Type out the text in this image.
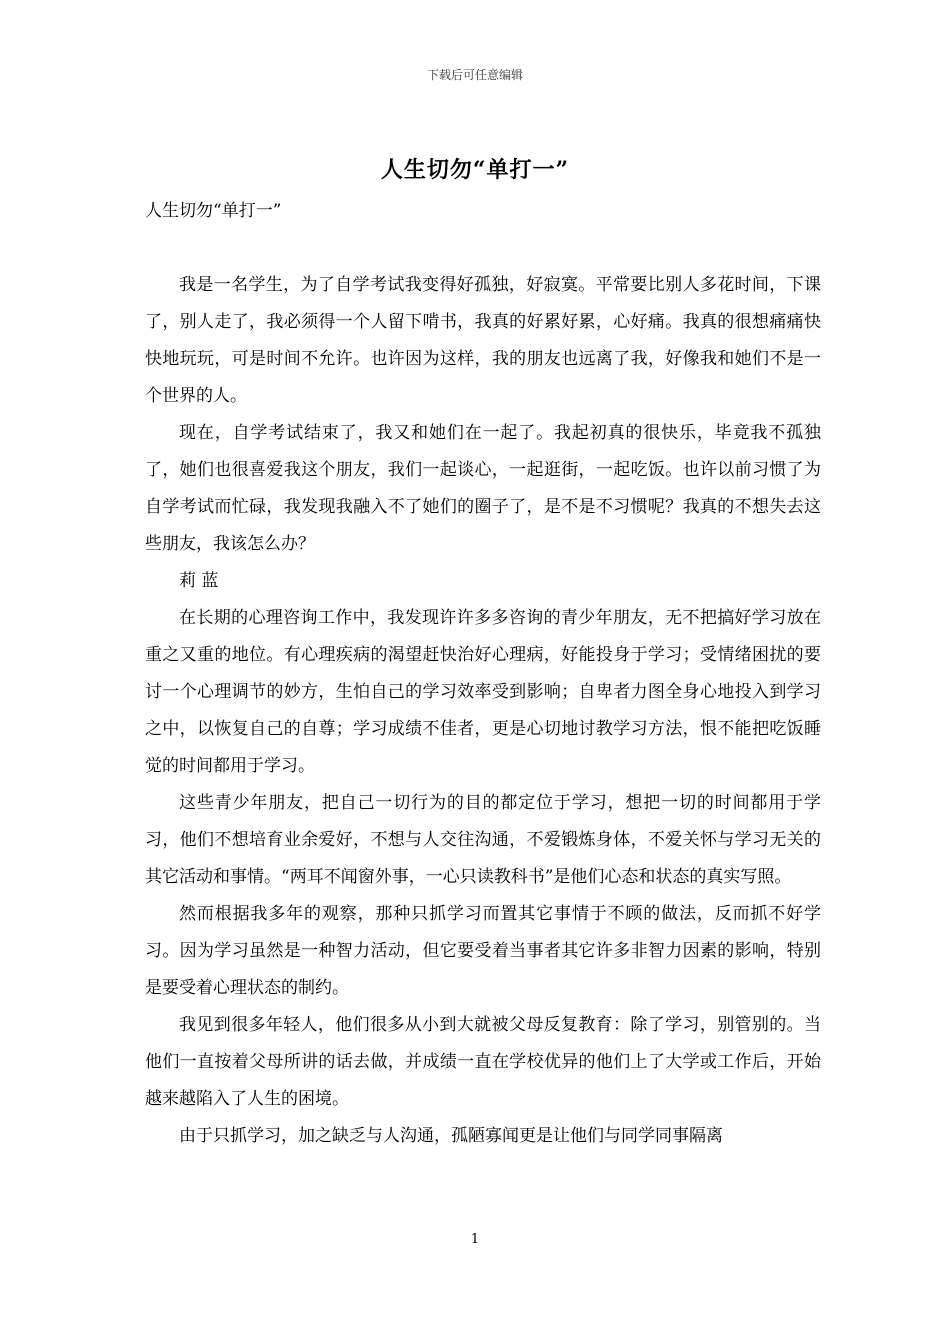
下载后可任意编辑
人生切勿“单打一”

人生切勿“单打一”

我是一名学生，为了自学考试我变得好孤独，好寂寞。平常要比别人多花时间，下课了，别人走了，我必须得一个人留下啃书，我真的好累好累，心好痛。我真的很想痛痛快快地玩玩，可是时间不允许。也许因为这样，我的朋友也远离了我，好像我和她们不是一个世界的人。

现在，自学考试结束了，我又和她们在一起了。我起初真的很快乐，毕竟我不孤独了，她们也很喜爱我这个朋友，我们一起谈心，一起逛街，一起吃饭。也许以前习惯了为自学考试而忙碌，我发现我融入不了她们的圈子了，是不是不习惯呢？我真的不想失去这些朋友，我该怎么办？

莉 蓝

在长期的心理咨询工作中，我发现许许多多咨询的青少年朋友，无不把搞好学习放在重之又重的地位。有心理疾病的渴望赶快治好心理病，好能投身于学习；受情绪困扰的要讨一个心理调节的妙方，生怕自己的学习效率受到影响；自卑者力图全身心地投入到学习之中，以恢复自己的自尊；学习成绩不佳者，更是心切地讨教学习方法，恨不能把吃饭睡觉的时间都用于学习。

这些青少年朋友，把自己一切行为的目的都定位于学习，想把一切的时间都用于学习，他们不想培育业余爱好，不想与人交往沟通，不爱锻炼身体，不爱关怀与学习无关的其它活动和事情。“两耳不闻窗外事，一心只读教科书”是他们心态和状态的真实写照。

然而根据我多年的观察，那种只抓学习而置其它事情于不顾的做法，反而抓不好学习。因为学习虽然是一种智力活动，但它要受着当事者其它许多非智力因素的影响，特别是要受着心理状态的制约。

我见到很多年轻人，他们很多从小到大就被父母反复教育：除了学习，别管别的。当他们一直按着父母所讲的话去做，并成绩一直在学校优异的他们上了大学或工作后，开始越来越陷入了人生的困境。

由于只抓学习，加之缺乏与人沟通，孤陋寡闻更是让他们与同学同事隔离

1
